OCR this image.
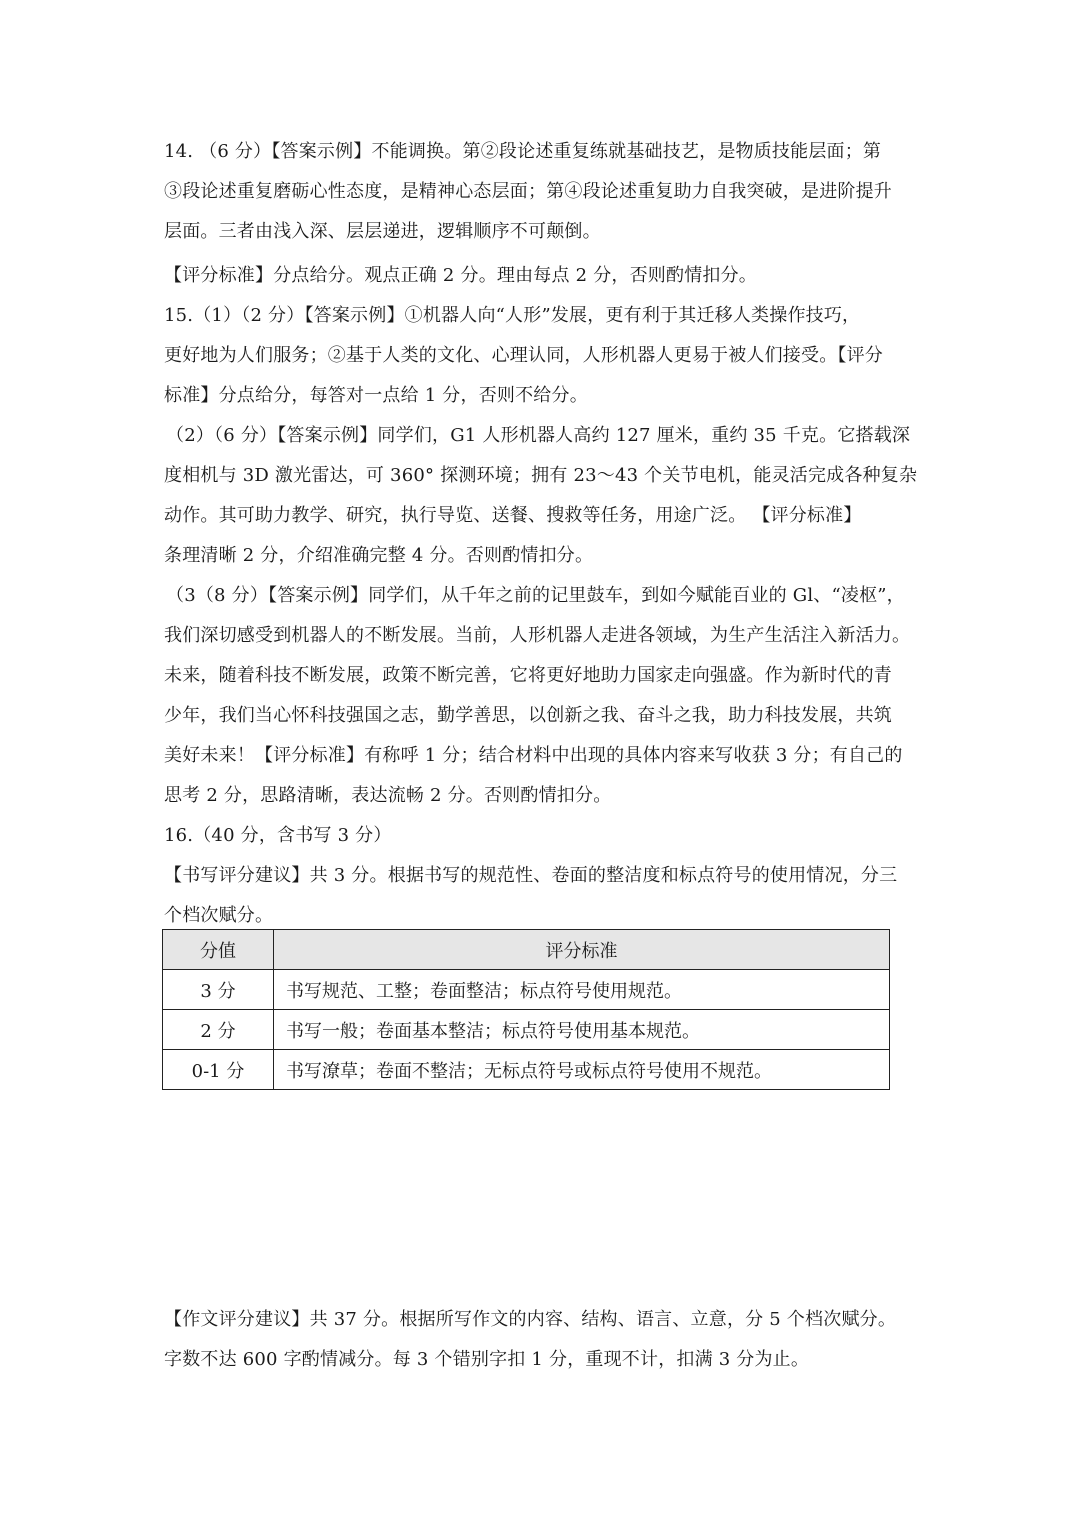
14. （6 分）【答案示例】不能调换。第②段论述重复练就基础技艺，是物质技能层面；第
③段论述重复磨砺心性态度，是精神心态层面；第④段论述重复助力自我突破，是进阶提升
层面。三者由浅入深、层层递进，逻辑顺序不可颠倒。
【评分标准】分点给分。观点正确 2 分。理由每点 2 分，否则酌情扣分。
15.（1）（2 分）【答案示例】①机器人向“人形”发展，更有利于其迁移人类操作技巧，
更好地为人们服务；②基于人类的文化、心理认同，人形机器人更易于被人们接受。【评分
标准】分点给分，每答对一点给 1 分，否则不给分。
（2）（6 分）【答案示例】同学们，G1 人形机器人高约 127 厘米，重约 35 千克。它搭载深
度相机与 3D 激光雷达，可 360° 探测环境；拥有 23～43 个关节电机，能灵活完成各种复杂
动作。其可助力教学、研究，执行导览、送餐、搜救等任务，用途广泛。 【评分标准】
条理清晰 2 分，介绍准确完整 4 分。否则酌情扣分。
（3（8 分）【答案示例】同学们，从千年之前的记里鼓车，到如今赋能百业的 Gl、“凌枢”，
我们深切感受到机器人的不断发展。当前，人形机器人走进各领域，为生产生活注入新活力。
未来，随着科技不断发展，政策不断完善，它将更好地助力国家走向强盛。作为新时代的青
少年，我们当心怀科技强国之志，勤学善思，以创新之我、奋斗之我，助力科技发展，共筑
美好未来！【评分标准】有称呼 1 分；结合材料中出现的具体内容来写收获 3 分；有自己的
思考 2 分，思路清晰，表达流畅 2 分。否则酌情扣分。
16.（40 分，含书写 3 分）
【书写评分建议】共 3 分。根据书写的规范性、卷面的整洁度和标点符号的使用情况，分三
个档次赋分。
分值	评分标准
3 分	书写规范、工整；卷面整洁；标点符号使用规范。
2 分	书写一般；卷面基本整洁；标点符号使用基本规范。
0-1 分	书写潦草；卷面不整洁；无标点符号或标点符号使用不规范。
【作文评分建议】共 37 分。根据所写作文的内容、结构、语言、立意，分 5 个档次赋分。
字数不达 600 字酌情减分。每 3 个错别字扣 1 分，重现不计，扣满 3 分为止。
